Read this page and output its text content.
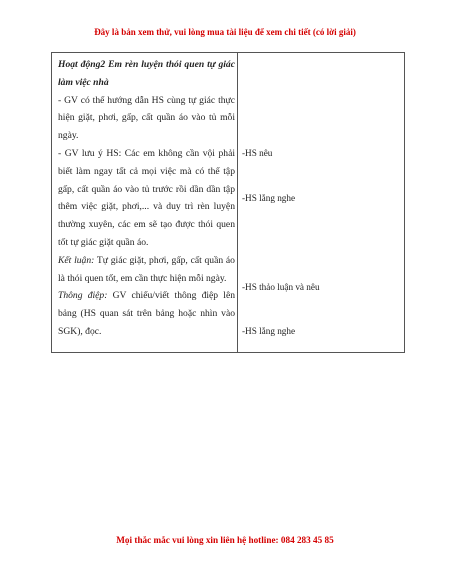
Đây là bản xem thử, vui lòng mua tài liệu để xem chi tiết (có lời giải)

Hoạt động2 Em rèn luyện thói quen tự giác làm việc nhà

- GV có thể hướng dẫn HS cùng tự giác thực hiện giặt, phơi, gấp, cất quần áo vào tủ mỗi ngày.

- GV lưu ý HS: Các em không cần vội phải biết làm ngay tất cả mọi việc mà có thể tập gấp, cất quần áo vào tủ trước rồi dần dần tập thêm việc giặt, phơi,... và duy trì rèn luyện thường xuyên, các em sẽ tạo được thói quen tốt tự giác giặt quần áo.

Kết luận: Tự giác giặt, phơi, gấp, cất quần áo là thói quen tốt, em cần thực hiện mỗi ngày.

Thông điệp: GV chiếu/viết thông điệp lên bảng (HS quan sát trên bảng hoặc nhìn vào SGK), đọc.

-HS nêu
-HS lắng nghe
-HS thảo luận và nêu
-HS lắng nghe
Mọi thắc mắc vui lòng xin liên hệ hotline: 084 283 45 85
